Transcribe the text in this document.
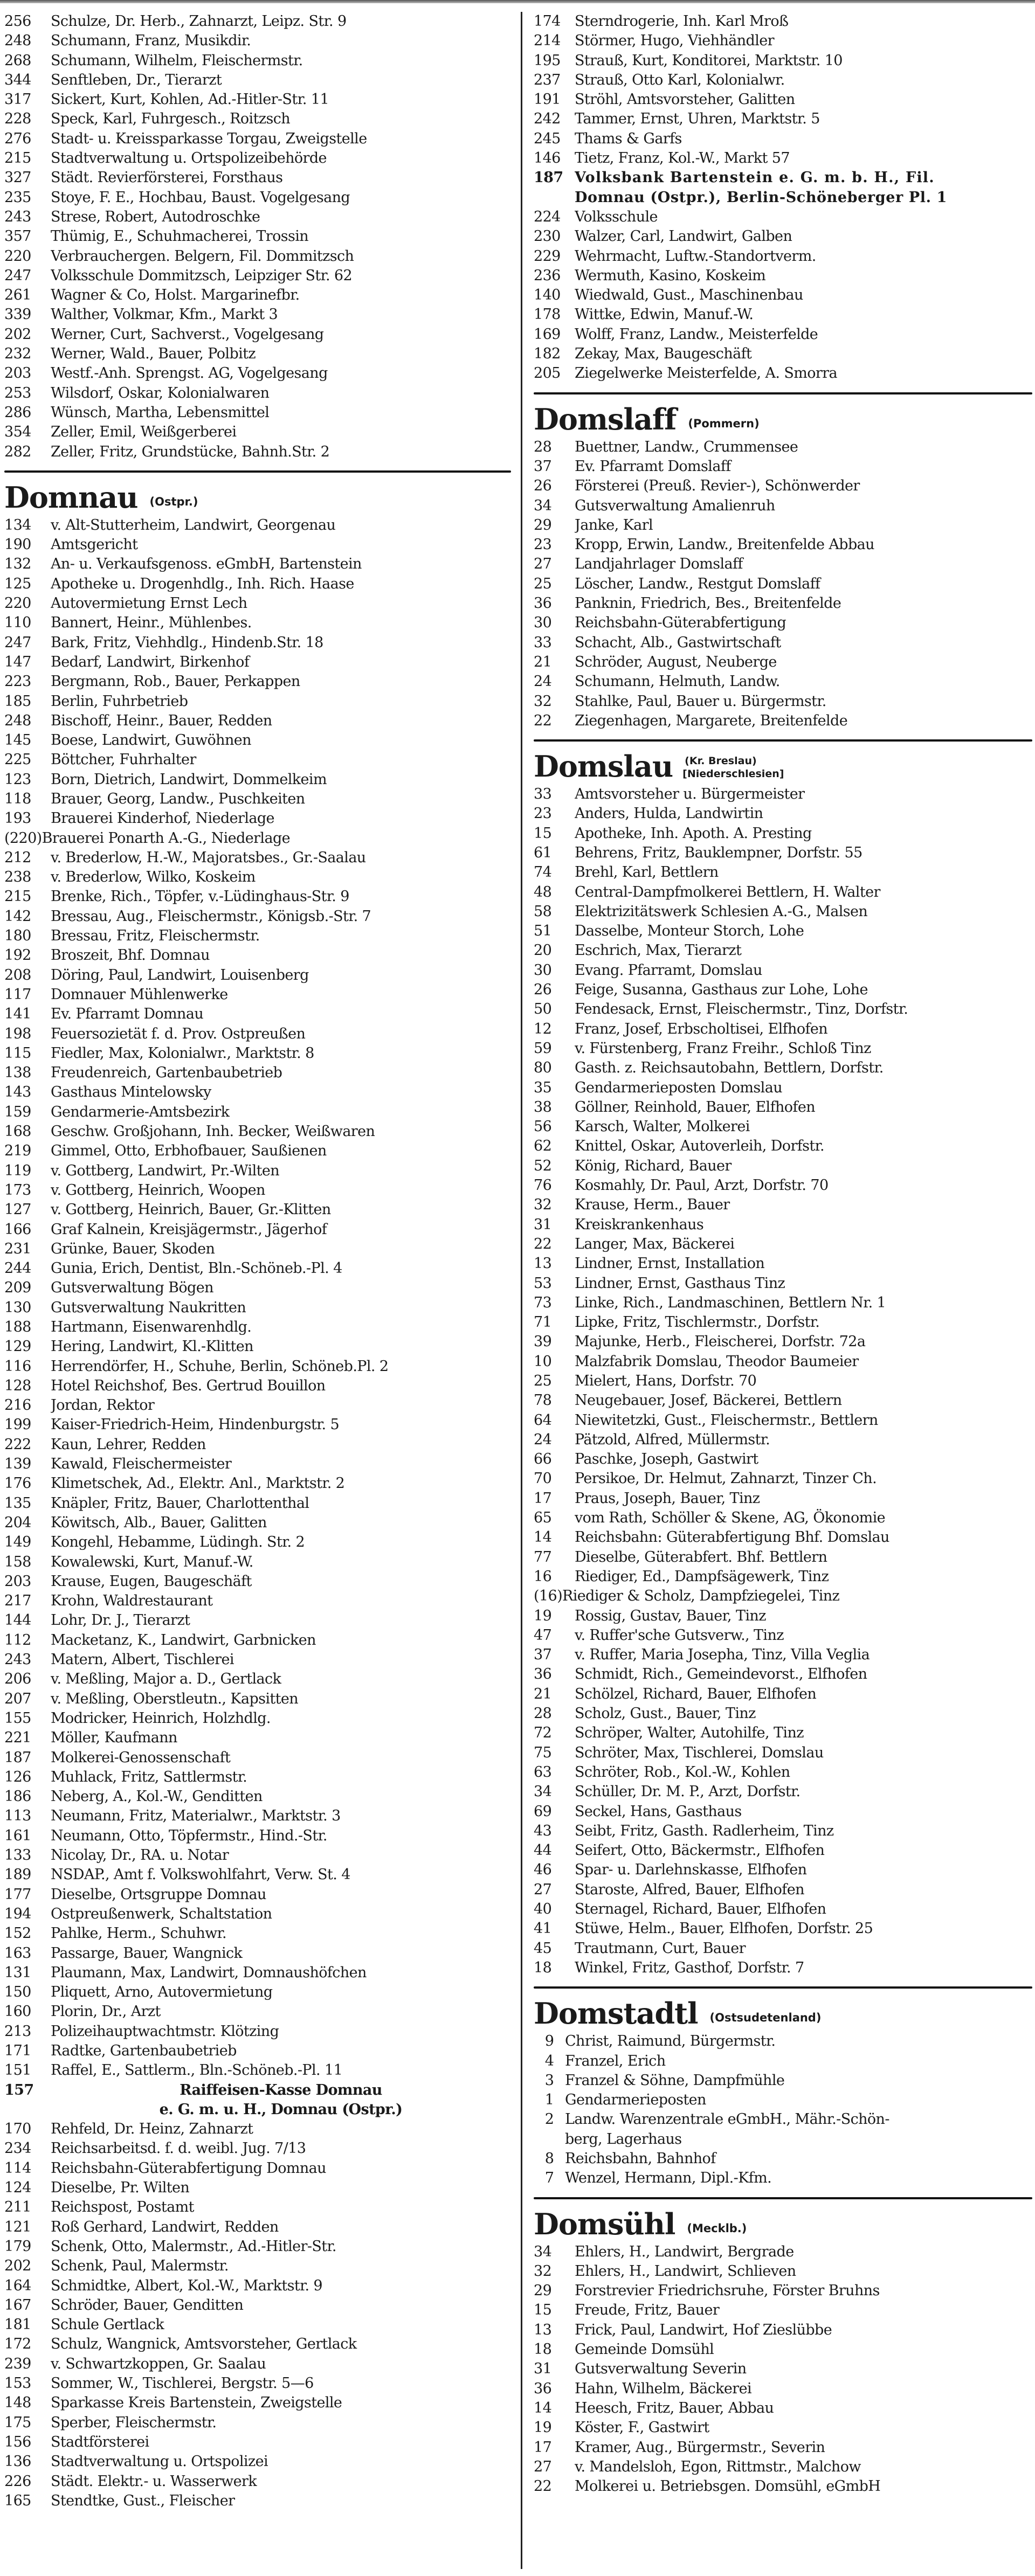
256	Schulze, Dr. Herb., Zahnarzt, Leipz. Str. 9
248	Schumann, Franz, Musikdir.
268	Schumann, Wilhelm, Fleischermstr.
344	Senftleben, Dr., Tierarzt
317	Sickert, Kurt, Kohlen, Ad.-Hitler-Str. 11
228	Speck, Karl, Fuhrgesch., Roitzsch
276	Stadt- u. Kreissparkasse Torgau, Zweigstelle
215	Stadtverwaltung u. Ortspolizeibehörde
327	Städt. Revierförsterei, Forsthaus
235	Stoye, F. E., Hochbau, Baust. Vogelgesang
243	Strese, Robert, Autodroschke
357	Thümig, E., Schuhmacherei, Trossin
220	Verbrauchergen. Belgern, Fil. Dommitzsch
247	Volksschule Dommitzsch, Leipziger Str. 62
261	Wagner & Co, Holst. Margarinefbr.
339	Walther, Volkmar, Kfm., Markt 3
202	Werner, Curt, Sachverst., Vogelgesang
232	Werner, Wald., Bauer, Polbitz
203	Westf.-Anh. Sprengst. AG, Vogelgesang
253	Wilsdorf, Oskar, Kolonialwaren
286	Wünsch, Martha, Lebensmittel
354	Zeller, Emil, Weißgerberei
282	Zeller, Fritz, Grundstücke, Bahnh.Str. 2
Domnau (Ostpr.)
134	v. Alt-Stutterheim, Landwirt, Georgenau
190	Amtsgericht
132	An- u. Verkaufsgenoss. eGmbH, Bartenstein
125	Apotheke u. Drogenhdlg., Inh. Rich. Haase
220	Autovermietung Ernst Lech
110	Bannert, Heinr., Mühlenbes.
247	Bark, Fritz, Viehhdlg., Hindenb.Str. 18
147	Bedarf, Landwirt, Birkenhof
223	Bergmann, Rob., Bauer, Perkappen
185	Berlin, Fuhrbetrieb
248	Bischoff, Heinr., Bauer, Redden
145	Boese, Landwirt, Guwöhnen
225	Böttcher, Fuhrhalter
123	Born, Dietrich, Landwirt, Dommelkeim
118	Brauer, Georg, Landw., Puschkeiten
193	Brauerei Kinderhof, Niederlage
(220) Brauerei Ponarth A.-G., Niederlage
212	v. Brederlow, H.-W., Majoratsbes., Gr.-Saalau
238	v. Brederlow, Wilko, Koskeim
215	Brenke, Rich., Töpfer, v.-Lüdinghaus-Str. 9
142	Bressau, Aug., Fleischermstr., Königsb.-Str. 7
180	Bressau, Fritz, Fleischermstr.
192	Broszeit, Bhf. Domnau
208	Döring, Paul, Landwirt, Louisenberg
117	Domnauer Mühlenwerke
141	Ev. Pfarramt Domnau
198	Feuersozietät f. d. Prov. Ostpreußen
115	Fiedler, Max, Kolonialwr., Marktstr. 8
138	Freudenreich, Gartenbaubetrieb
143	Gasthaus Mintelowsky
159	Gendarmerie-Amtsbezirk
168	Geschw. Großjohann, Inh. Becker, Weißwaren
219	Gimmel, Otto, Erbhofbauer, Saußienen
119	v. Gottberg, Landwirt, Pr.-Wilten
173	v. Gottberg, Heinrich, Woopen
127	v. Gottberg, Heinrich, Bauer, Gr.-Klitten
166	Graf Kalnein, Kreisjägermstr., Jägerhof
231	Grünke, Bauer, Skoden
244	Gunia, Erich, Dentist, Bln.-Schöneb.-Pl. 4
209	Gutsverwaltung Bögen
130	Gutsverwaltung Naukritten
188	Hartmann, Eisenwarenhdlg.
129	Hering, Landwirt, Kl.-Klitten
116	Herrendörfer, H., Schuhe, Berlin, Schöneb.Pl. 2
128	Hotel Reichshof, Bes. Gertrud Bouillon
216	Jordan, Rektor
199	Kaiser-Friedrich-Heim, Hindenburgstr. 5
222	Kaun, Lehrer, Redden
139	Kawald, Fleischermeister
176	Klimetschek, Ad., Elektr. Anl., Marktstr. 2
135	Knäpler, Fritz, Bauer, Charlottenthal
204	Köwitsch, Alb., Bauer, Galitten
149	Kongehl, Hebamme, Lüdingh. Str. 2
158	Kowalewski, Kurt, Manuf.-W.
203	Krause, Eugen, Baugeschäft
217	Krohn, Waldrestaurant
144	Lohr, Dr. J., Tierarzt
112	Macketanz, K., Landwirt, Garbnicken
243	Matern, Albert, Tischlerei
206	v. Meßling, Major a. D., Gertlack
207	v. Meßling, Oberstleutn., Kapsitten
155	Modricker, Heinrich, Holzhdlg.
221	Möller, Kaufmann
187	Molkerei-Genossenschaft
126	Muhlack, Fritz, Sattlermstr.
186	Neberg, A., Kol.-W., Genditten
113	Neumann, Fritz, Materialwr., Marktstr. 3
161	Neumann, Otto, Töpfermstr., Hind.-Str.
133	Nicolay, Dr., RA. u. Notar
189	NSDAP., Amt f. Volkswohlfahrt, Verw. St. 4
177	Dieselbe, Ortsgruppe Domnau
194	Ostpreußenwerk, Schaltstation
152	Pahlke, Herm., Schuhwr.
163	Passarge, Bauer, Wangnick
131	Plaumann, Max, Landwirt, Domnaushöfchen
150	Pliquett, Arno, Autovermietung
160	Plorin, Dr., Arzt
213	Polizeihauptwachtmstr. Klötzing
171	Radtke, Gartenbaubetrieb
151	Raffel, E., Sattlerm., Bln.-Schöneb.-Pl. 11
157	Raiffeisen-Kasse Domnau
e. G. m. u. H., Domnau (Ostpr.)
170	Rehfeld, Dr. Heinz, Zahnarzt
234	Reichsarbeitsd. f. d. weibl. Jug. 7/13
114	Reichsbahn-Güterabfertigung Domnau
124	Dieselbe, Pr. Wilten
211	Reichspost, Postamt
121	Roß Gerhard, Landwirt, Redden
179	Schenk, Otto, Malermstr., Ad.-Hitler-Str.
202	Schenk, Paul, Malermstr.
164	Schmidtke, Albert, Kol.-W., Marktstr. 9
167	Schröder, Bauer, Genditten
181	Schule Gertlack
172	Schulz, Wangnick, Amtsvorsteher, Gertlack
239	v. Schwartzkoppen, Gr. Saalau
153	Sommer, W., Tischlerei, Bergstr. 5—6
148	Sparkasse Kreis Bartenstein, Zweigstelle
175	Sperber, Fleischermstr.
156	Stadtförsterei
136	Stadtverwaltung u. Ortspolizei
226	Städt. Elektr.- u. Wasserwerk
165	Stendtke, Gust., Fleischer
174 Sterndrogerie, Inh. Karl Mroß
214 Störmer, Hugo, Viehhändler
195 Strauß, Kurt, Konditorei, Marktstr. 10
237 Strauß, Otto Karl, Kolonialwr.
191 Ströhl, Amtsvorsteher, Galitten
242 Tammer, Ernst, Uhren, Marktstr. 5
245 Thams & Garfs
146 Tietz, Franz, Kol.-W., Markt 57
187 Volksbank Bartenstein e. G. m. b. H., Fil.
Domnau (Ostpr.), Berlin-Schöneberger Pl. 1
224 Volksschule
230 Walzer, Carl, Landwirt, Galben
229 Wehrmacht, Luftw.-Standortverm.
236 Wermuth, Kasino, Koskeim
140 Wiedwald, Gust., Maschinenbau
178 Wittke, Edwin, Manuf.-W.
169 Wolff, Franz, Landw., Meisterfelde
182 Zekay, Max, Baugeschäft
205 Ziegelwerke Meisterfelde, A. Smorra
Domslaff (Pommern)
28	Buettner, Landw., Crummensee
37	Ev. Pfarramt Domslaff
26	Försterei (Preuß. Revier-), Schönwerder
34	Gutsverwaltung Amalienruh
29	Janke, Karl
23	Kropp, Erwin, Landw., Breitenfelde Abbau
27	Landjahrlager Domslaff
25	Löscher, Landw., Restgut Domslaff
36	Panknin, Friedrich, Bes., Breitenfelde
30	Reichsbahn-Güterabfertigung
33	Schacht, Alb., Gastwirtschaft
21	Schröder, August, Neuberge
24	Schumann, Helmuth, Landw.
32	Stahlke, Paul, Bauer u. Bürgermstr.
22	Ziegenhagen, Margarete, Breitenfelde
Domslau (Kr. Breslau)
[Niederschlesien]
33	Amtsvorsteher u. Bürgermeister
23	Anders, Hulda, Landwirtin
15	Apotheke, Inh. Apoth. A. Presting
61	Behrens, Fritz, Bauklempner, Dorfstr. 55
74	Brehl, Karl, Bettlern
48	Central-Dampfmolkerei Bettlern, H. Walter
58	Elektrizitätswerk Schlesien A.-G., Malsen
51	Dasselbe, Monteur Storch, Lohe
20	Eschrich, Max, Tierarzt
30	Evang. Pfarramt, Domslau
26	Feige, Susanna, Gasthaus zur Lohe, Lohe
50	Fendesack, Ernst, Fleischermstr., Tinz, Dorfstr.
12	Franz, Josef, Erbscholtisei, Elfhofen
59	v. Fürstenberg, Franz Freihr., Schloß Tinz
80	Gasth. z. Reichsautobahn, Bettlern, Dorfstr.
35	Gendarmerieposten Domslau
38	Göllner, Reinhold, Bauer, Elfhofen
56	Karsch, Walter, Molkerei
62	Knittel, Oskar, Autoverleih, Dorfstr.
52	König, Richard, Bauer
76	Kosmahly, Dr. Paul, Arzt, Dorfstr. 70
32	Krause, Herm., Bauer
31	Kreiskrankenhaus
22	Langer, Max, Bäckerei
13	Lindner, Ernst, Installation
53	Lindner, Ernst, Gasthaus Tinz
73	Linke, Rich., Landmaschinen, Bettlern Nr. 1
71	Lipke, Fritz, Tischlermstr., Dorfstr.
39	Majunke, Herb., Fleischerei, Dorfstr. 72a
10	Malzfabrik Domslau, Theodor Baumeier
25	Mielert, Hans, Dorfstr. 70
78	Neugebauer, Josef, Bäckerei, Bettlern
64	Niewitetzki, Gust., Fleischermstr., Bettlern
24	Pätzold, Alfred, Müllermstr.
66	Paschke, Joseph, Gastwirt
70	Persikoe, Dr. Helmut, Zahnarzt, Tinzer Ch.
17	Praus, Joseph, Bauer, Tinz
65	vom Rath, Schöller & Skene, AG, Ökonomie
14	Reichsbahn: Güterabfertigung Bhf. Domslau
77	Dieselbe, Güterabfert. Bhf. Bettlern
16	Riediger, Ed., Dampfsägewerk, Tinz
(16) Riediger & Scholz, Dampfziegelei, Tinz
19	Rossig, Gustav, Bauer, Tinz
47	v. Ruffer'sche Gutsverw., Tinz
37	v. Ruffer, Maria Josepha, Tinz, Villa Veglia
36	Schmidt, Rich., Gemeindevorst., Elfhofen
21	Schölzel, Richard, Bauer, Elfhofen
28	Scholz, Gust., Bauer, Tinz
72	Schröper, Walter, Autohilfe, Tinz
75	Schröter, Max, Tischlerei, Domslau
63	Schröter, Rob., Kol.-W., Kohlen
34	Schüller, Dr. M. P., Arzt, Dorfstr.
69	Seckel, Hans, Gasthaus
43	Seibt, Fritz, Gasth. Radlerheim, Tinz
44	Seifert, Otto, Bäckermstr., Elfhofen
46	Spar- u. Darlehnskasse, Elfhofen
27	Staroste, Alfred, Bauer, Elfhofen
40	Sternagel, Richard, Bauer, Elfhofen
41	Stüwe, Helm., Bauer, Elfhofen, Dorfstr. 25
45	Trautmann, Curt, Bauer
18	Winkel, Fritz, Gasthof, Dorfstr. 7
Domstadtl (Ostsudetenland)
9 Christ, Raimund, Bürgermstr.
4 Franzel, Erich
3 Franzel & Söhne, Dampfmühle
1 Gendarmerieposten
2 Landw. Warenzentrale eGmbH., Mähr.-Schön-
berg, Lagerhaus
8 Reichsbahn, Bahnhof
7 Wenzel, Hermann, Dipl.-Kfm.
Domsühl (Mecklb.)
34	Ehlers, H., Landwirt, Bergrade
32	Ehlers, H., Landwirt, Schlieven
29	Forstrevier Friedrichsruhe, Förster Bruhns
15	Freude, Fritz, Bauer
13	Frick, Paul, Landwirt, Hof Zieslübbe
18	Gemeinde Domsühl
31	Gutsverwaltung Severin
36	Hahn, Wilhelm, Bäckerei
14	Heesch, Fritz, Bauer, Abbau
19	Köster, F., Gastwirt
17	Kramer, Aug., Bürgermstr., Severin
27	v. Mandelsloh, Egon, Rittmstr., Malchow
22	Molkerei u. Betriebsgen. Domsühl, eGmbH
